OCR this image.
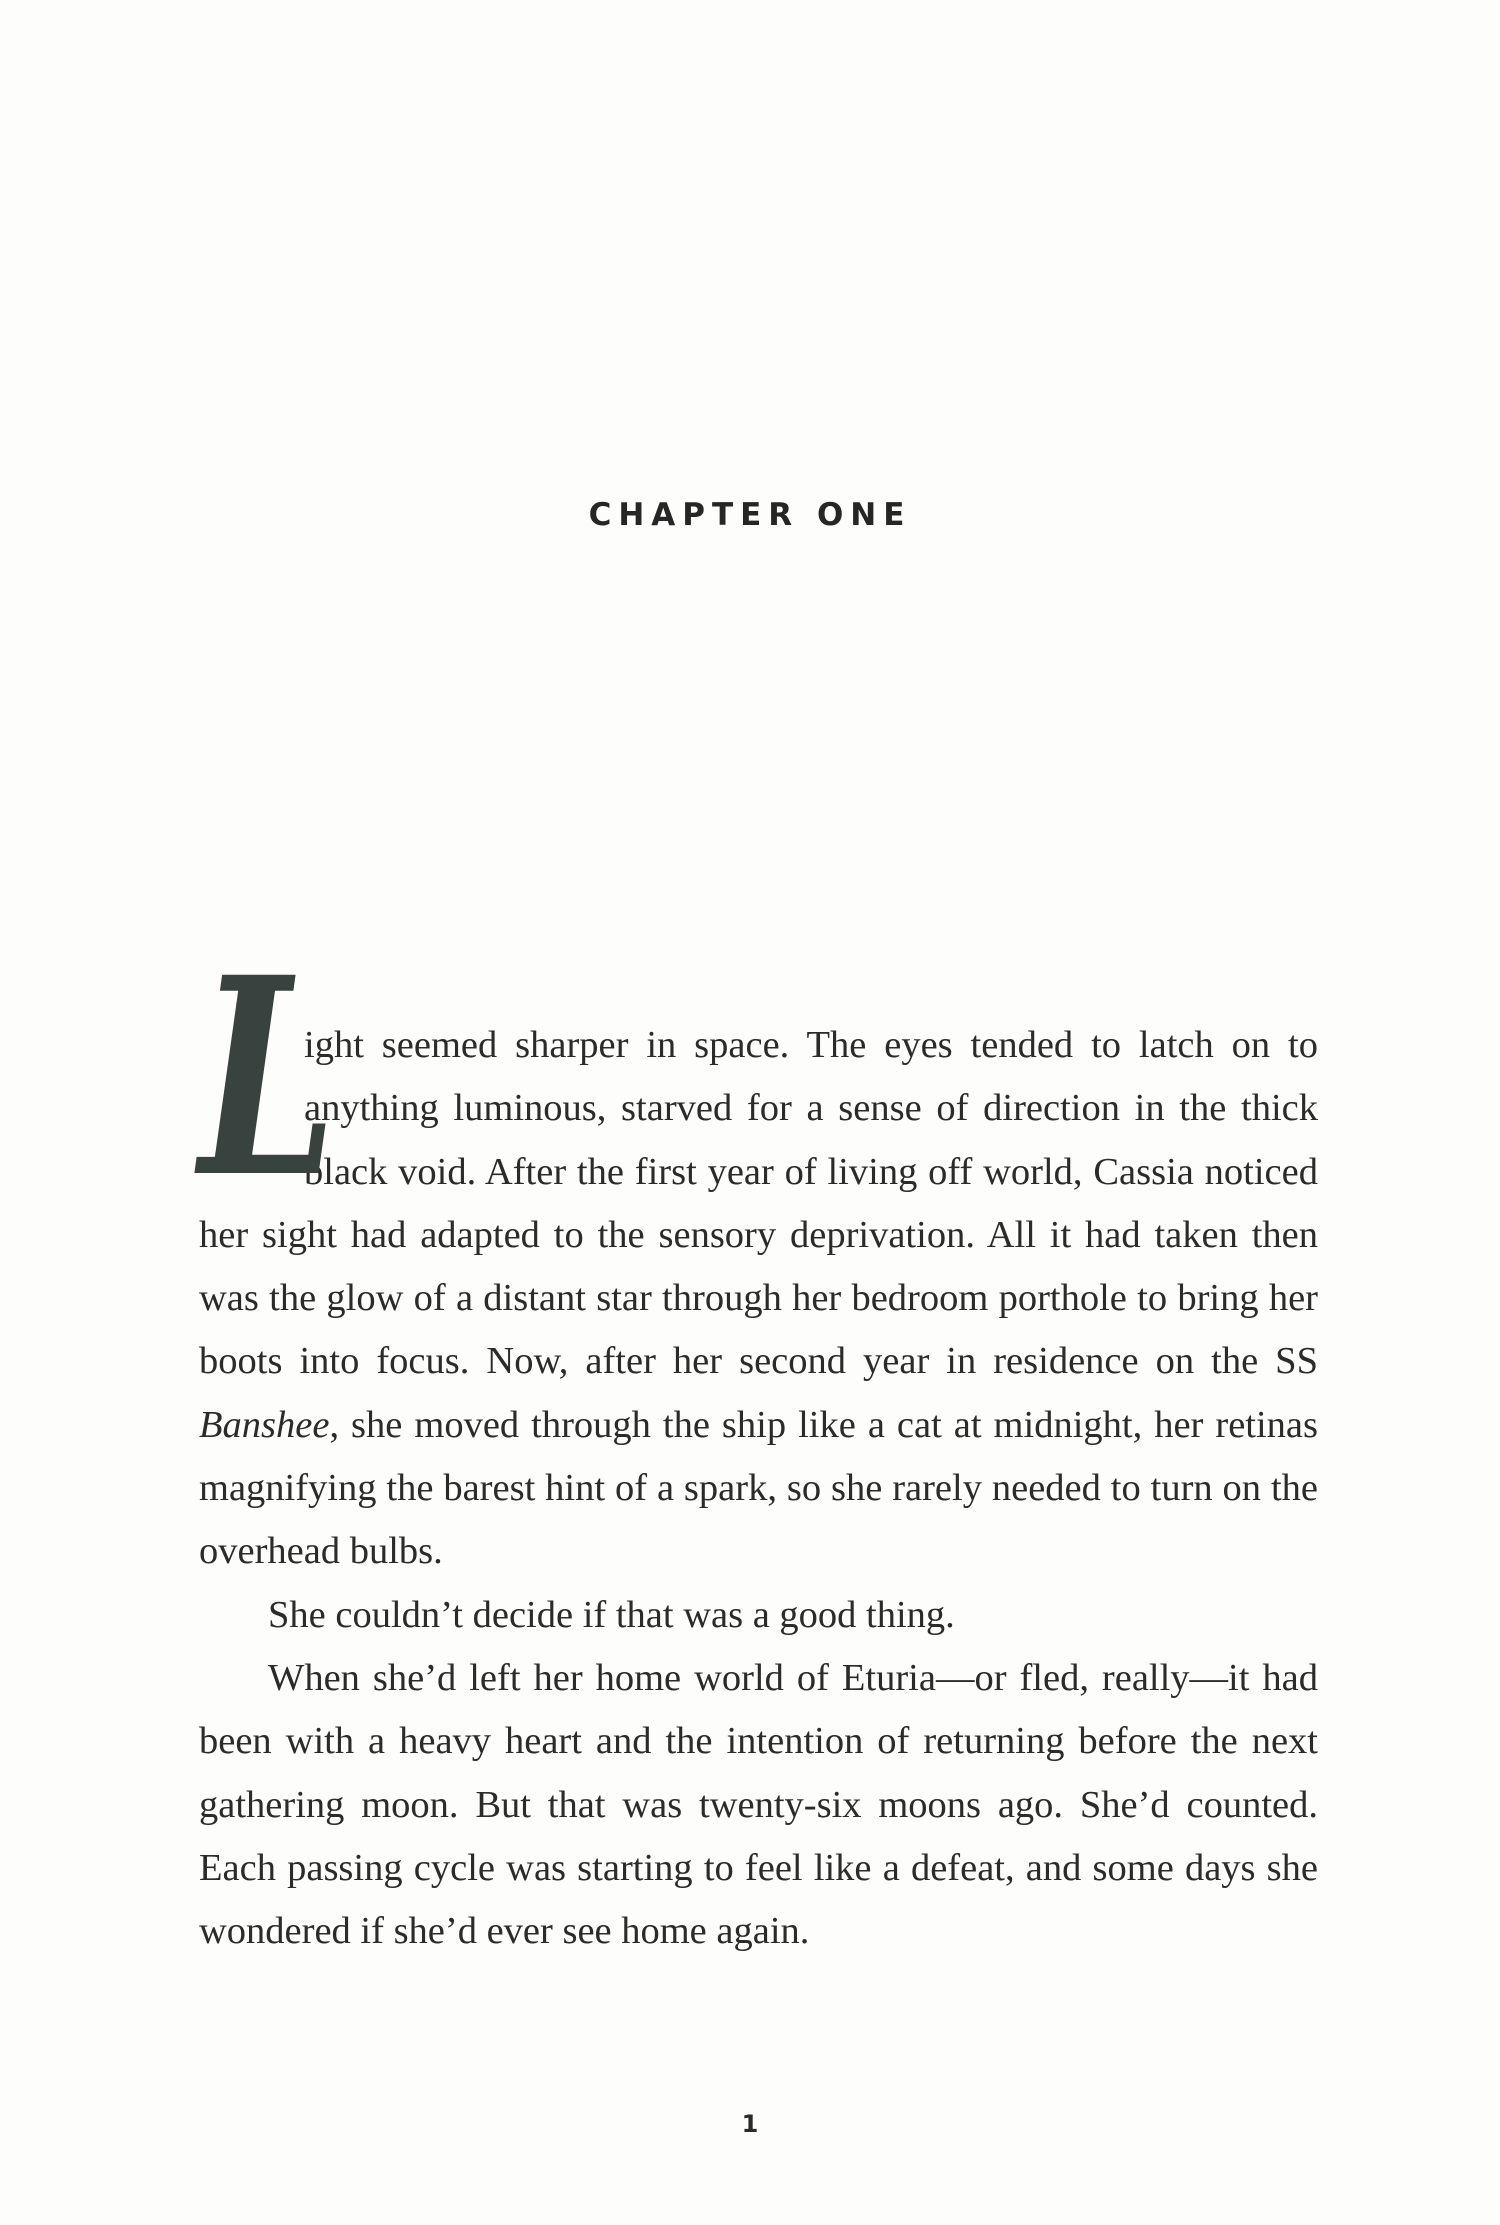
CHAPTER ONE

L
ight seemed sharper in space. The eyes tended to latch on to anything luminous, starved for a sense of direction in the thick black void. After the first year of living off world, Cassia noticed her sight had adapted to the sensory deprivation. All it had taken then was the glow of a distant star through her bedroom porthole to bring her boots into focus. Now, after her second year in residence on the SS Banshee, she moved through the ship like a cat at midnight, her retinas magnifying the barest hint of a spark, so she rarely needed to turn on the overhead bulbs.

She couldn’t decide if that was a good thing.

When she’d left her home world of Eturia—or fled, really—it had been with a heavy heart and the intention of returning before the next gathering moon. But that was twenty-six moons ago. She’d counted. Each passing cycle was starting to feel like a defeat, and some days she wondered if she’d ever see home again.

1
